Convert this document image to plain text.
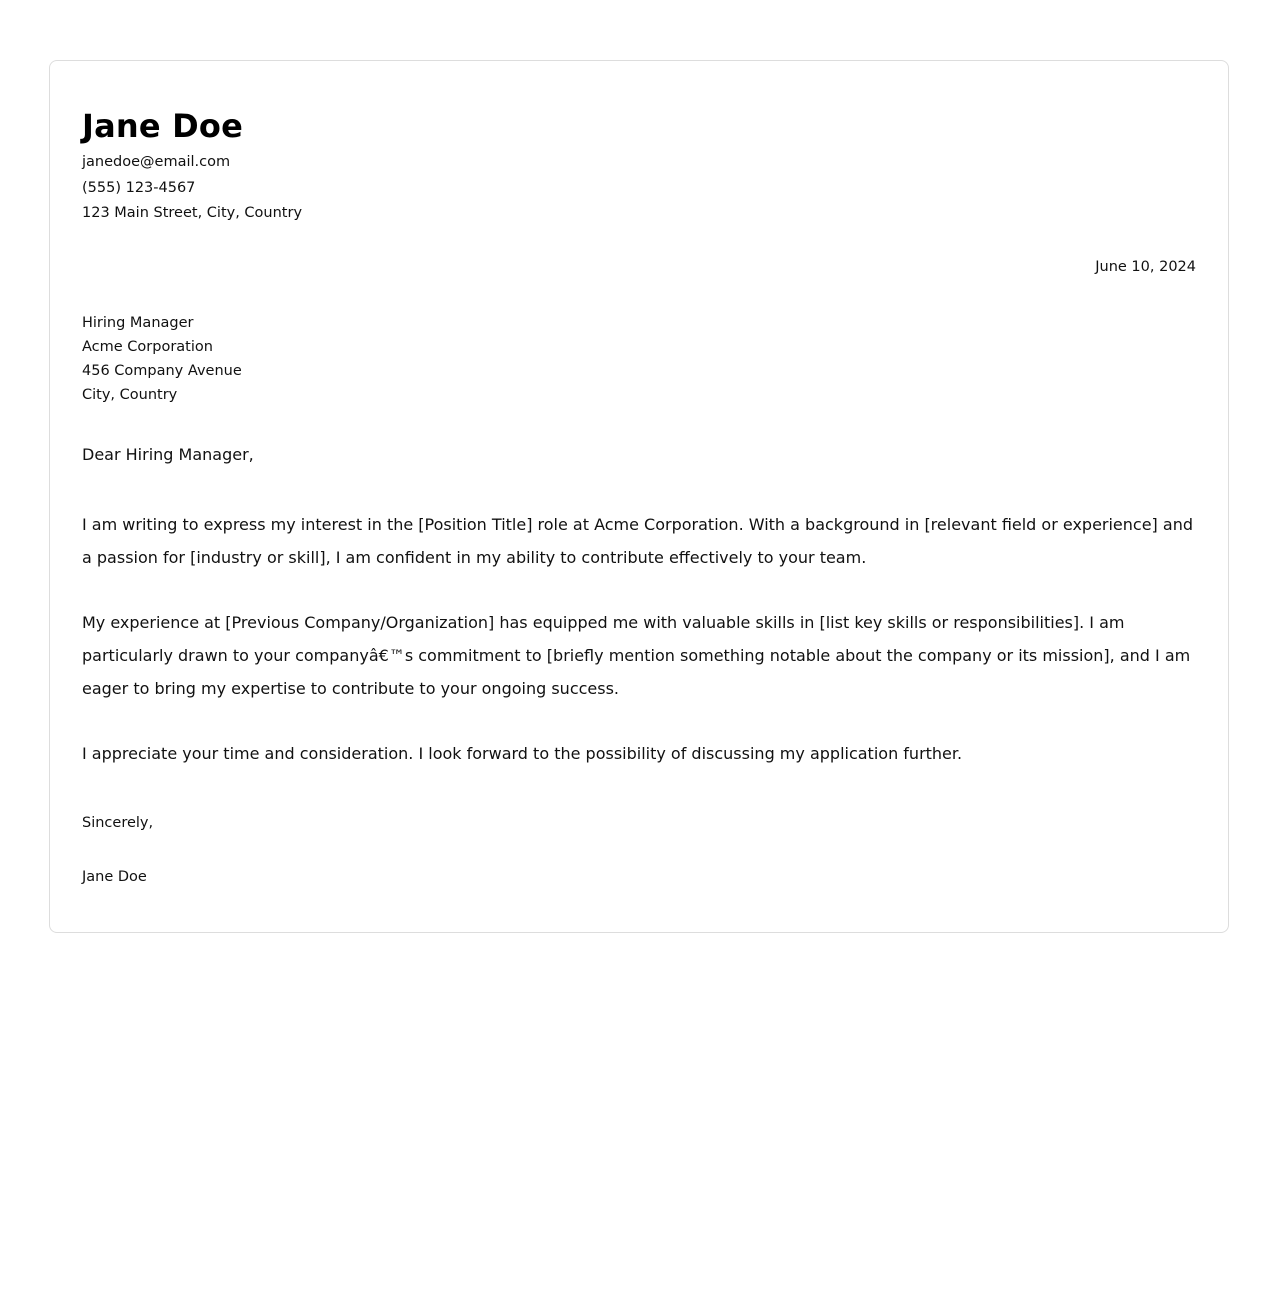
Jane Doe
janedoe@email.com
(555) 123-4567
123 Main Street, City, Country
June 10, 2024
Hiring Manager
Acme Corporation
456 Company Avenue
City, Country
Dear Hiring Manager,

I am writing to express my interest in the [Position Title] role at Acme Corporation. With a background in [relevant field or experience] and a passion for [industry or skill], I am confident in my ability to contribute effectively to your team.

My experience at [Previous Company/Organization] has equipped me with valuable skills in [list key skills or responsibilities]. I am particularly drawn to your companyâ€™s commitment to [briefly mention something notable about the company or its mission], and I am eager to bring my expertise to contribute to your ongoing success.

I appreciate your time and consideration. I look forward to the possibility of discussing my application further.

Sincerely,
Jane Doe
